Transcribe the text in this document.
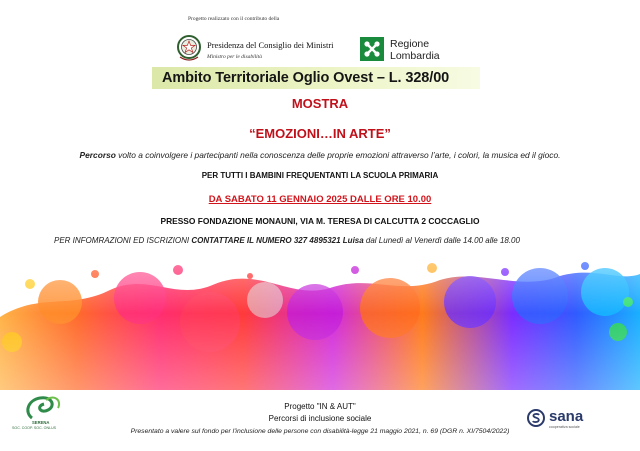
Progetto realizzato con il contributo della
Presidenza del Consiglio dei Ministri
Ministro per le disabilità
Regione
Lombardia
Ambito Territoriale Oglio Ovest – L. 328/00
MOSTRA
“EMOZIONI…IN ARTE”
Percorso volto a coinvolgere i partecipanti nella conoscenza delle proprie emozioni attraverso l’arte, i colori, la musica ed il gioco.
PER TUTTI I BAMBINI FREQUENTANTI LA SCUOLA PRIMARIA
DA SABATO 11 GENNAIO 2025 DALLE ORE 10.00
PRESSO FONDAZIONE MONAUNI, VIA M. TERESA DI CALCUTTA 2 COCCAGLIO
PER INFOMRAZIONI ED ISCRIZIONI CONTATTARE IL NUMERO 327 4895321 Luisa dal Lunedì al Venerdì dalle 14.00 alle 18.00
SERENA
SOC. COOP. SOC. ONLUS
Progetto "IN & AUT"
Percorsi di inclusione sociale
Presentato a valere sul fondo per l'inclusione delle persone con disabilità-legge 21 maggio 2021, n. 69 (DGR n. XI/7504/2022)
sana
cooperativa sociale
